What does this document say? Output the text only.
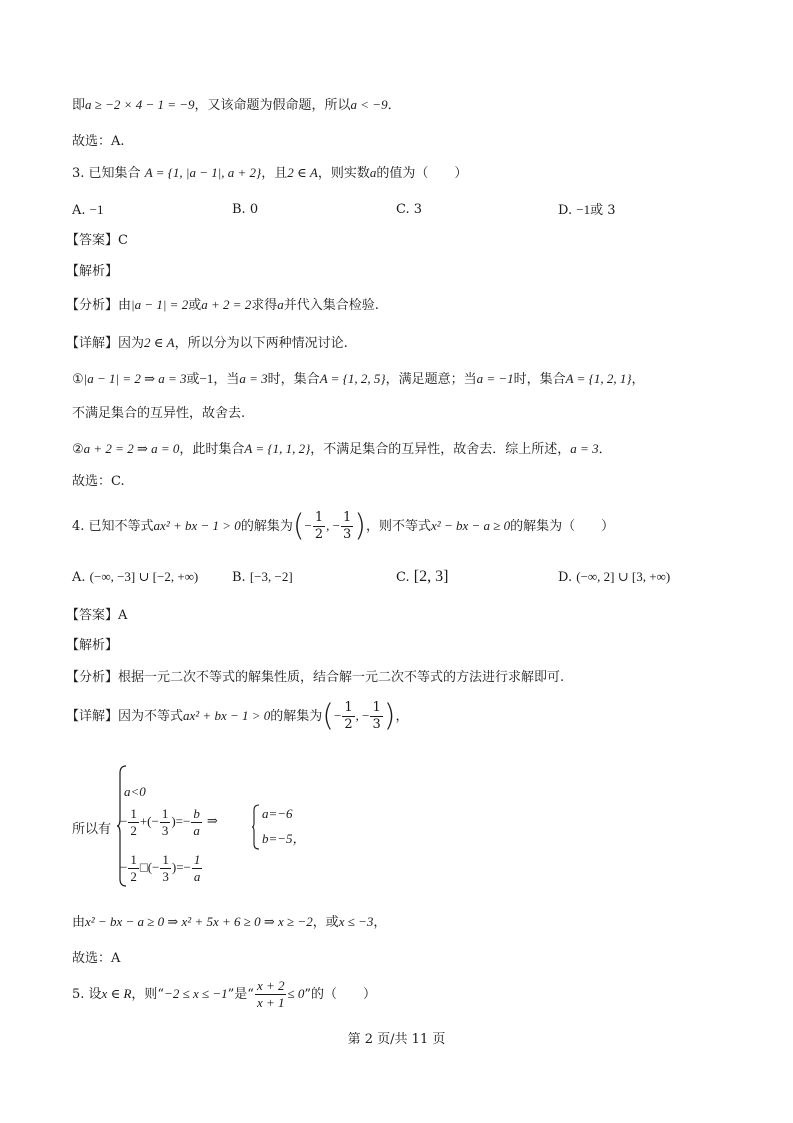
即a ≥ −2 × 4 − 1 = −9，又该命题为假命题，所以a < −9．
故选：A.
3. 已知集合 A = {1, |a − 1|, a + 2}，且2 ∈ A，则实数a的值为（　　）
A. −1	B. 0	C. 3	D. −1或 3
【答案】C
【解析】
【分析】由|a − 1| = 2或a + 2 = 2求得a并代入集合检验.
【详解】因为2 ∈ A，所以分为以下两种情况讨论.
①|a − 1| = 2 ⇒ a = 3或−1，当a = 3时，集合A = {1, 2, 5}，满足题意；当a = −1时，集合A = {1, 2, 1}，
不满足集合的互异性，故舍去.
②a + 2 = 2 ⇒ a = 0，此时集合A = {1, 1, 2}，不满足集合的互异性，故舍去．综上所述，a = 3．
故选：C.
4. 已知不等式ax² + bx − 1 > 0的解集为(− $\frac{1}{2}$ , − $\frac{1}{3}$ )，则不等式x² − bx − a ≥ 0的解集为（　　）
A. (−∞, −3] ∪ [−2, +∞)	B. [−3, −2]	C. [2, 3]	D. (−∞, 2] ∪ [3, +∞)
【答案】A
【解析】
【分析】根据一元二次不等式的解集性质，结合解一元二次不等式的方法进行求解即可.
【详解】因为不等式ax² + bx − 1 > 0的解集为(− $\frac{1}{2}$ , − $\frac{1}{3}$ )，
所以有
a<0
− $\frac{1}{2}$ +(− $\frac{1}{3}$ )=− $\frac{b}{a}$ ⇒	a=−6
b=−5，
− $\frac{1}{2}$ □(− $\frac{1}{3}$ )=− $\frac{1}{a}$
由x² − bx − a ≥ 0 ⇒ x² + 5x + 6 ≥ 0 ⇒ x ≥ −2，或x ≤ −3，
故选：A
5. 设x ∈ R，则“−2 ≤ x ≤ −1”是“ $\frac{x + 2}{x + 1} \le 0$”的（　　）
第 2 页/共 11 页
